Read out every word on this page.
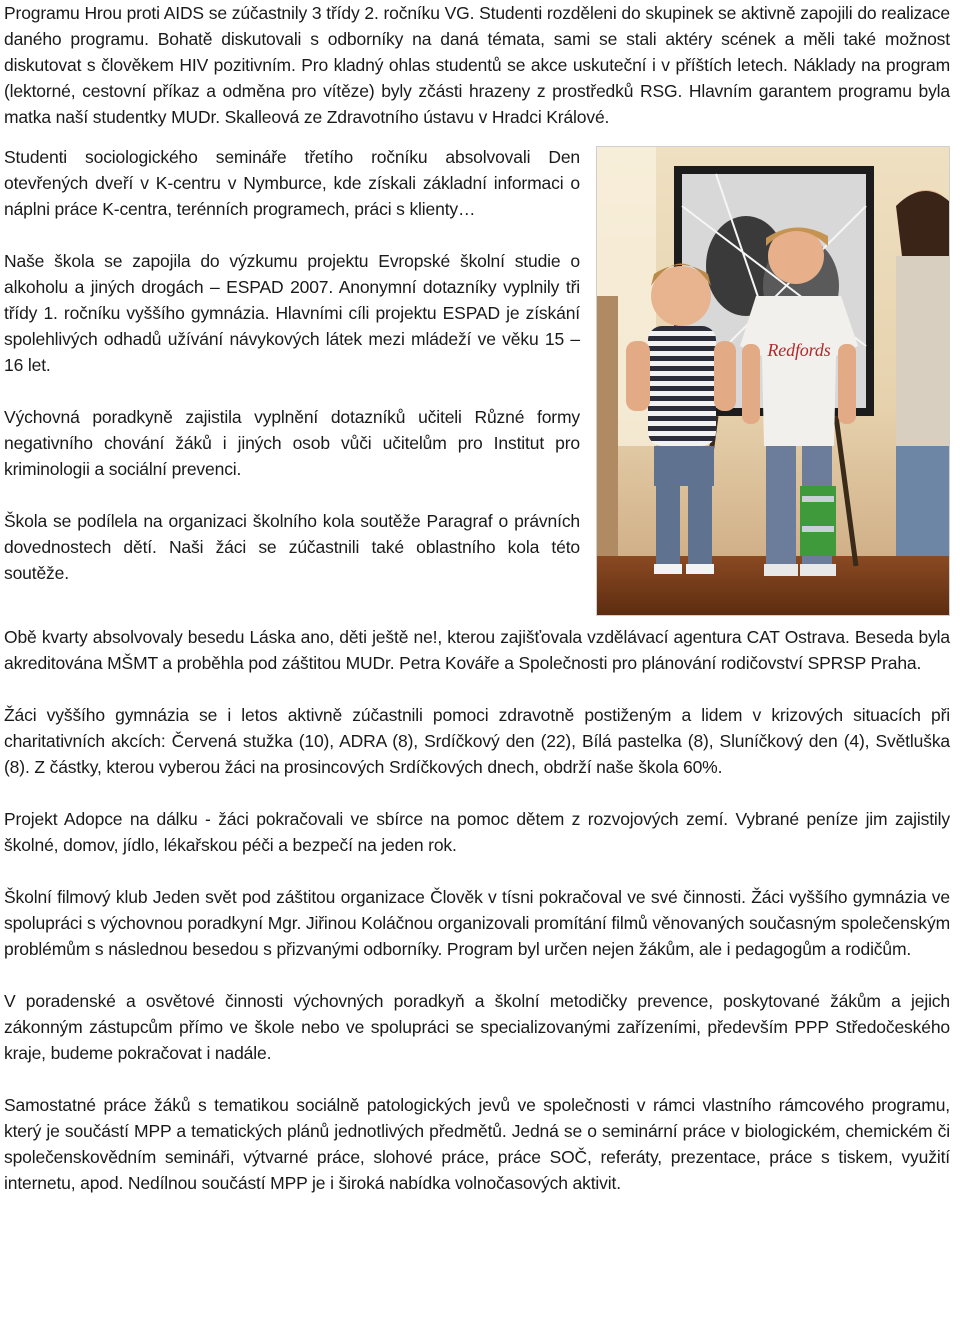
Programu Hrou proti AIDS se zúčastnily 3 třídy 2. ročníku VG. Studenti rozděleni do skupinek se aktivně zapojili do realizace daného programu. Bohatě diskutovali s odborníky na daná témata, sami se stali aktéry scének a měli také možnost diskutovat s člověkem HIV pozitivním. Pro kladný ohlas studentů se akce uskuteční i v příštích letech. Náklady na program (lektorné, cestovní příkaz a odměna pro vítěze) byly zčásti hrazeny z prostředků RSG. Hlavním garantem programu byla matka naší studentky MUDr. Skalleová ze Zdravotního ústavu v Hradci Králové.

Redfords

Studenti sociologického semináře třetího ročníku absolvovali Den otevřených dveří v K-centru v Nymburce, kde získali základní informaci o náplni práce K-centra, terénních programech, práci s klienty…

Naše škola se zapojila do výzkumu projektu Evropské školní studie o alkoholu a jiných drogách – ESPAD 2007. Anonymní dotazníky vyplnily tři třídy 1. ročníku vyššího gymnázia. Hlavními cíli projektu ESPAD je získání spolehlivých odhadů užívání návykových látek mezi mládeží ve věku 15 – 16 let.

Výchovná poradkyně zajistila vyplnění dotazníků učiteli Různé formy negativního chování žáků i jiných osob vůči učitelům pro Institut pro kriminologii a sociální prevenci.

Škola se podílela na organizaci školního kola soutěže Paragraf o právních dovednostech dětí. Naši žáci se zúčastnili také oblastního kola této soutěže.

Obě kvarty absolvovaly besedu Láska ano, děti ještě ne!, kterou zajišťovala vzdělávací agentura CAT Ostrava. Beseda byla akreditována MŠMT a proběhla pod záštitou MUDr. Petra Kováře a Společnosti pro plánování rodičovství SPRSP Praha.

Žáci vyššího gymnázia se i letos aktivně zúčastnili pomoci zdravotně postiženým a lidem v krizových situacích při charitativních akcích: Červená stužka (10), ADRA (8), Srdíčkový den (22), Bílá pastelka (8), Sluníčkový den (4), Světluška (8). Z částky, kterou vyberou žáci na prosincových Srdíčkových dnech, obdrží naše škola 60%.

Projekt Adopce na dálku - žáci pokračovali ve sbírce na pomoc dětem z rozvojových zemí. Vybrané peníze jim zajistily školné, domov, jídlo, lékařskou péči a bezpečí na jeden rok.

Školní filmový klub Jeden svět pod záštitou organizace Člověk v tísni pokračoval ve své činnosti. Žáci vyššího gymnázia ve spolupráci s výchovnou poradkyní Mgr. Jiřinou Koláčnou organizovali promítání filmů věnovaných současným společenským problémům s následnou besedou s přizvanými odborníky. Program byl určen nejen žákům, ale i pedagogům a rodičům.

V poradenské a osvětové činnosti výchovných poradkyň a školní metodičky prevence, poskytované žákům a jejich zákonným zástupcům přímo ve škole nebo ve spolupráci se specializovanými zařízeními, především PPP Středočeského kraje, budeme pokračovat i nadále.

Samostatné práce žáků s tematikou sociálně patologických jevů ve společnosti v rámci vlastního rámcového programu, který je součástí MPP a tematických plánů jednotlivých předmětů. Jedná se o seminární práce v biologickém, chemickém či společenskovědním semináři, výtvarné práce, slohové práce, práce SOČ, referáty, prezentace, práce s tiskem, využití internetu, apod. Nedílnou součástí MPP je i široká nabídka volnočasových aktivit.
